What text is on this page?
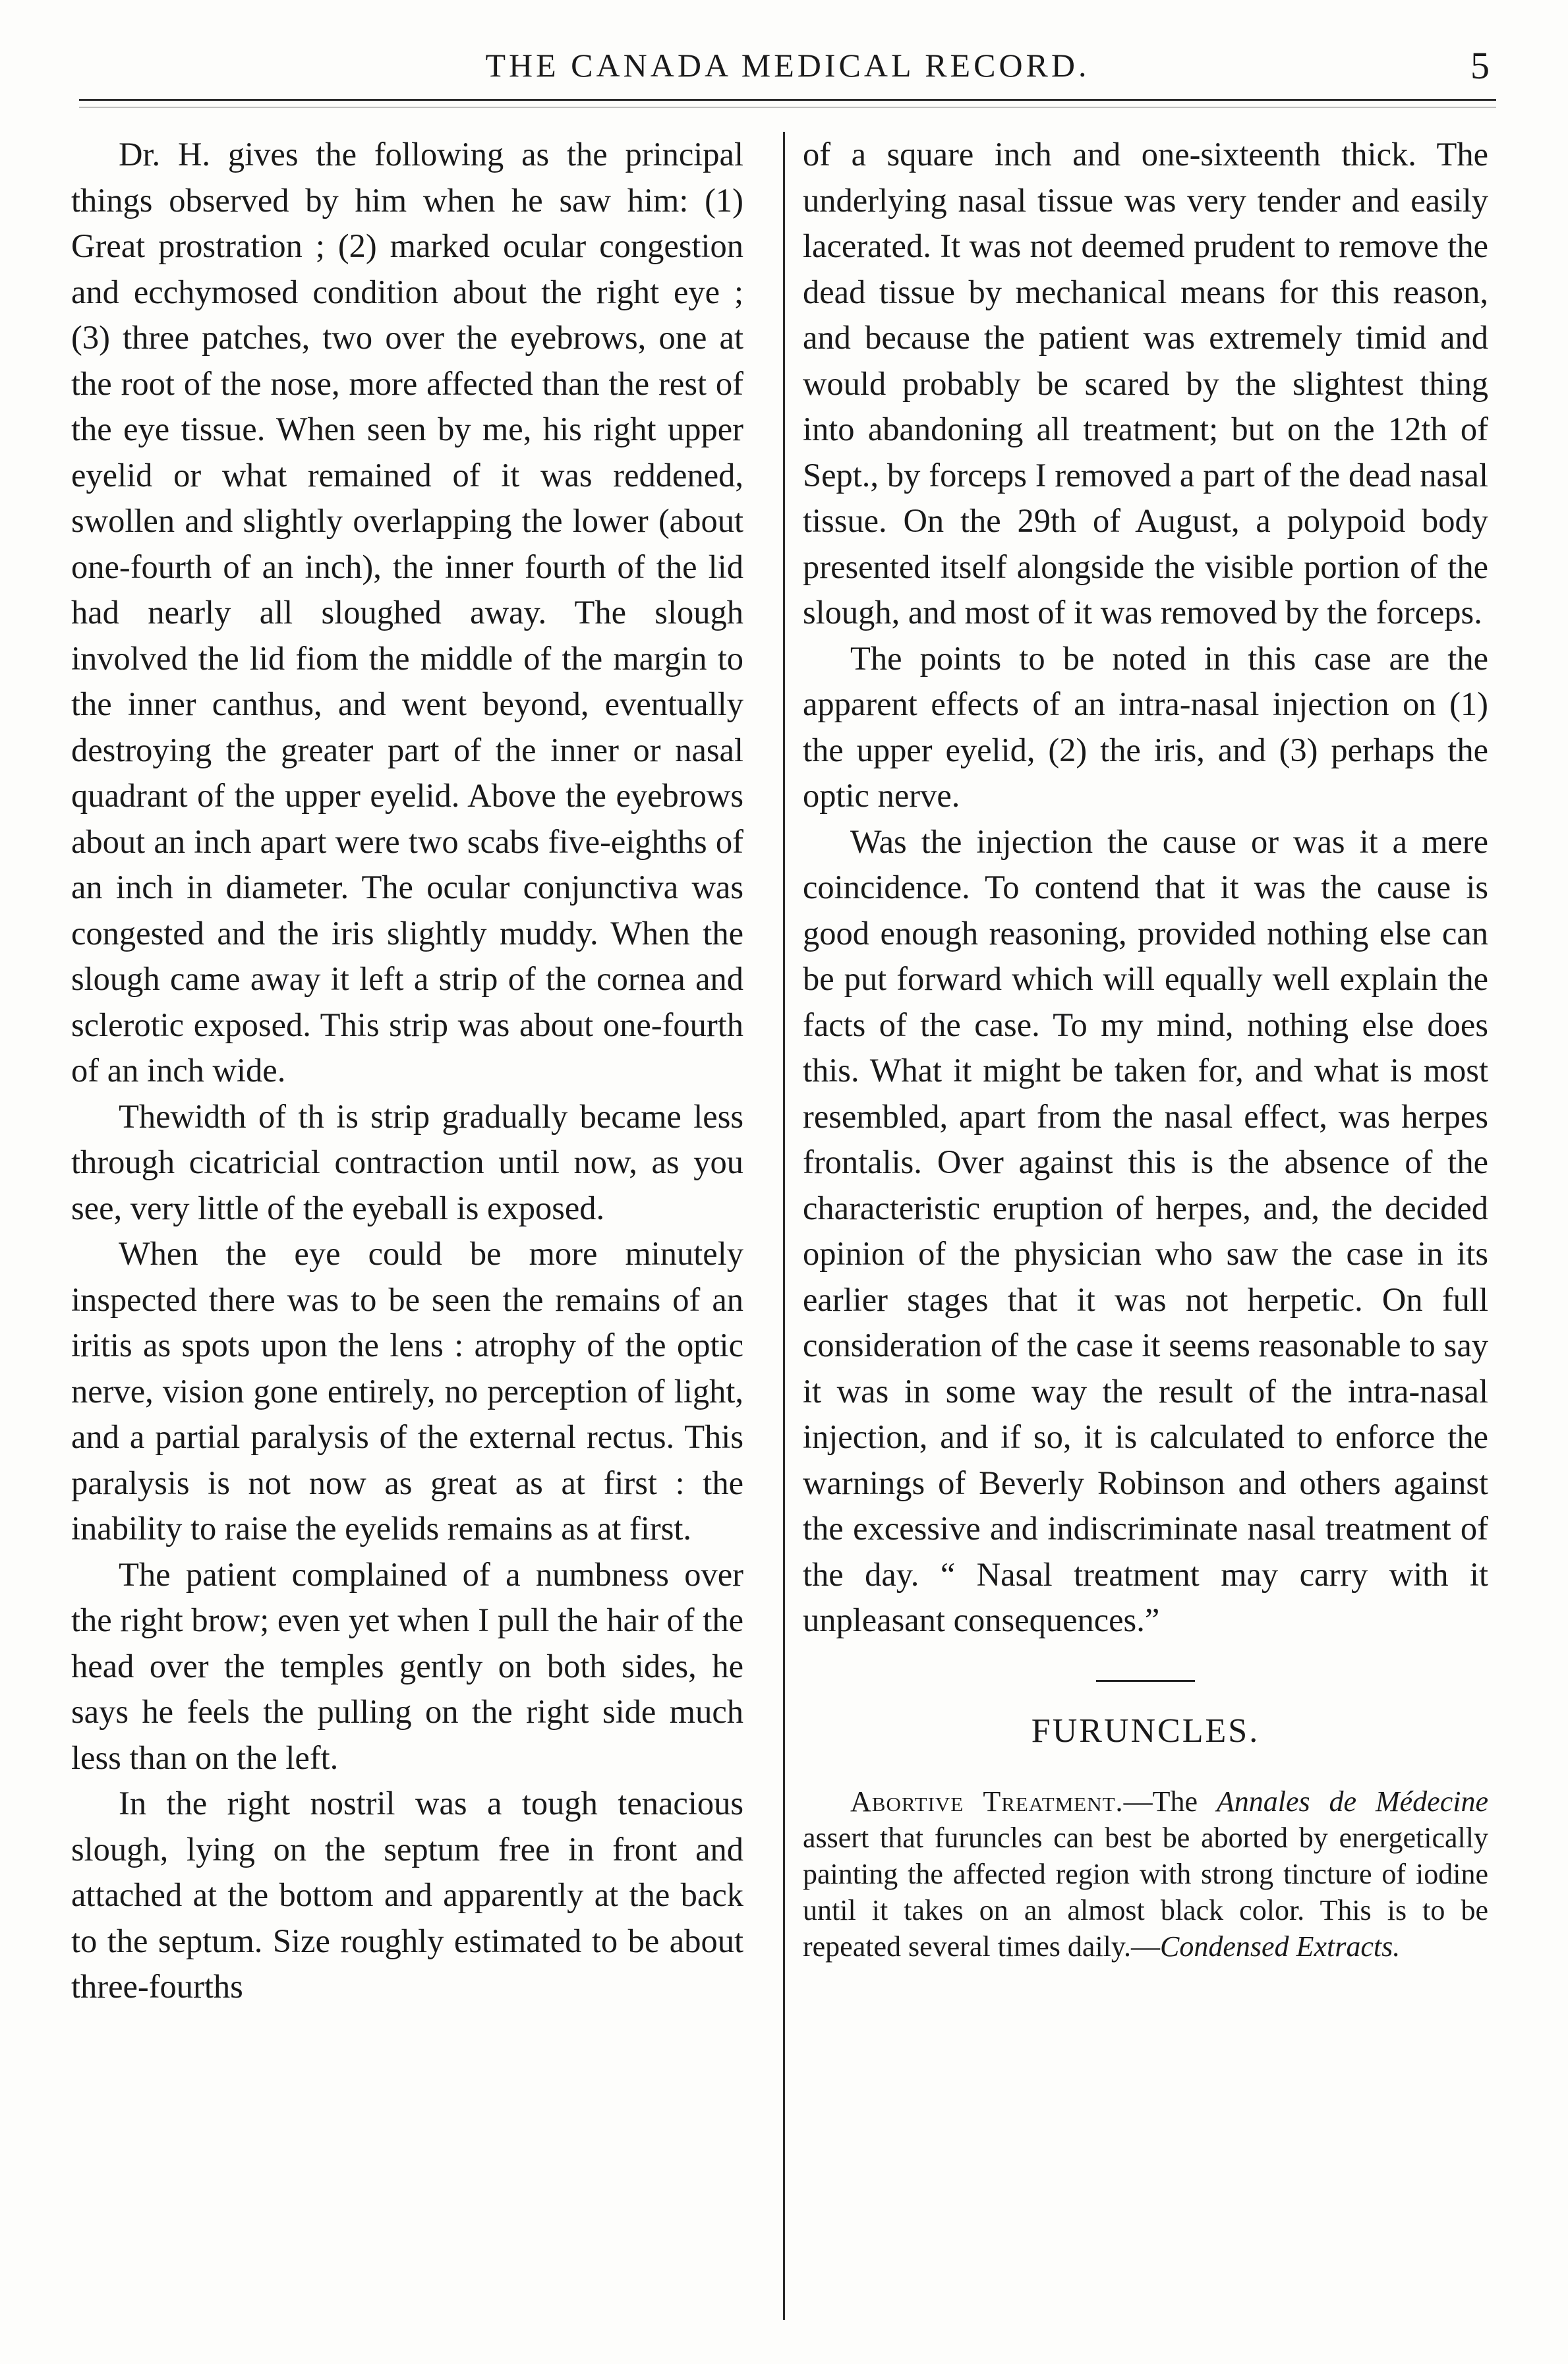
THE CANADA MEDICAL RECORD.	5

Dr. H. gives the following as the principal things observed by him when he saw him: (1) Great prostration ; (2) marked ocular congestion and ecchymosed condition about the right eye ; (3) three patches, two over the eyebrows, one at the root of the nose, more affected than the rest of the eye tissue. When seen by me, his right upper eyelid or what remained of it was reddened, swollen and slightly overlapping the lower (about one-fourth of an inch), the inner fourth of the lid had nearly all sloughed away. The slough involved the lid fiom the middle of the margin to the inner canthus, and went beyond, eventually destroying the greater part of the inner or nasal quadrant of the upper eyelid. Above the eyebrows about an inch apart were two scabs five-eighths of an inch in diameter. The ocular conjunctiva was congested and the iris slightly muddy. When the slough came away it left a strip of the cornea and sclerotic exposed. This strip was about one-fourth of an inch wide.

Thewidth of th is strip gradually became less through cicatricial contraction until now, as you see, very little of the eyeball is exposed.

When the eye could be more minutely inspected there was to be seen the remains of an iritis as spots upon the lens : atrophy of the optic nerve, vision gone entirely, no perception of light, and a partial paralysis of the external rectus. This paralysis is not now as great as at first : the inability to raise the eyelids remains as at first.

The patient complained of a numbness over the right brow; even yet when I pull the hair of the head over the temples gently on both sides, he says he feels the pulling on the right side much less than on the left.

In the right nostril was a tough tenacious slough, lying on the septum free in front and attached at the bottom and apparently at the back to the septum. Size roughly estimated to be about three-fourths

of a square inch and one-sixteenth thick. The underlying nasal tissue was very tender and easily lacerated. It was not deemed prudent to remove the dead tissue by mechanical means for this reason, and because the patient was extremely timid and would probably be scared by the slightest thing into abandoning all treatment; but on the 12th of Sept., by forceps I removed a part of the dead nasal tissue. On the 29th of August, a polypoid body presented itself alongside the visible portion of the slough, and most of it was removed by the forceps.

The points to be noted in this case are the apparent effects of an intra-nasal injection on (1) the upper eyelid, (2) the iris, and (3) perhaps the optic nerve.

Was the injection the cause or was it a mere coincidence. To contend that it was the cause is good enough reasoning, provided nothing else can be put forward which will equally well explain the facts of the case. To my mind, nothing else does this. What it might be taken for, and what is most resembled, apart from the nasal effect, was herpes frontalis. Over against this is the absence of the characteristic eruption of herpes, and, the decided opinion of the physician who saw the case in its earlier stages that it was not herpetic. On full consideration of the case it seems reasonable to say it was in some way the result of the intra-nasal injection, and if so, it is calculated to enforce the warnings of Beverly Robinson and others against the excessive and indiscriminate nasal treatment of the day. “ Nasal treatment may carry with it unpleasant consequences.”

FURUNCLES.

Abortive Treatment.—The Annales de Médecine assert that furuncles can best be aborted by energetically painting the affected region with strong tincture of iodine until it takes on an almost black color. This is to be repeated several times daily.—Condensed Extracts.
